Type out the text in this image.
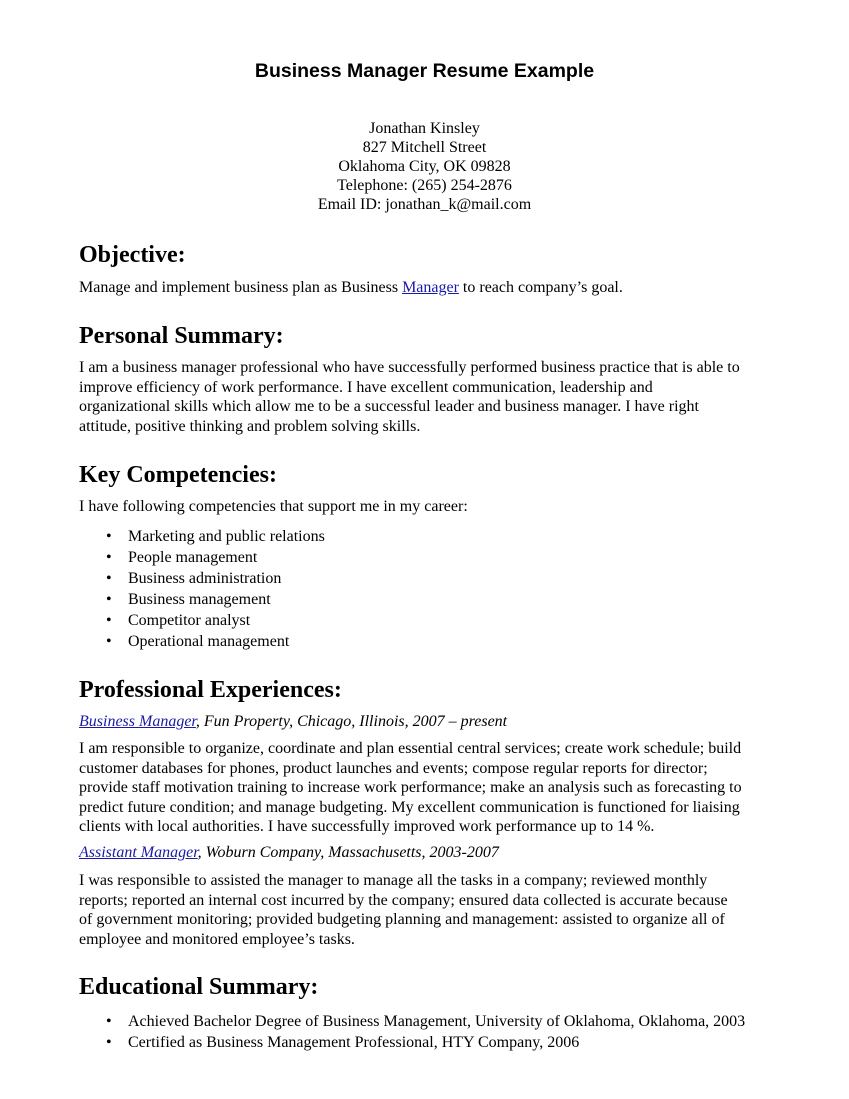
Business Manager Resume Example
Jonathan Kinsley
827 Mitchell Street
Oklahoma City, OK 09828
Telephone: (265) 254-2876
Email ID: jonathan_k@mail.com
Objective:

Manage and implement business plan as Business Manager to reach company’s goal.

Personal Summary:
I am a business manager professional who have successfully performed business practice that is able to
improve efficiency of work performance. I have excellent communication, leadership and
organizational skills which allow me to be a successful leader and business manager. I have right
attitude, positive thinking and problem solving skills.
Key Competencies:

I have following competencies that support me in my career:

• Marketing and public relations
• People management
• Business administration
• Business management
• Competitor analyst
• Operational management
Professional Experiences:

Business Manager, Fun Property, Chicago, Illinois, 2007 – present

I am responsible to organize, coordinate and plan essential central services; create work schedule; build
customer databases for phones, product launches and events; compose regular reports for director;
provide staff motivation training to increase work performance; make an analysis such as forecasting to
predict future condition; and manage budgeting. My excellent communication is functioned for liaising
clients with local authorities. I have successfully improved work performance up to 14 %.

Assistant Manager, Woburn Company, Massachusetts, 2003-2007

I was responsible to assisted the manager to manage all the tasks in a company; reviewed monthly
reports; reported an internal cost incurred by the company; ensured data collected is accurate because
of government monitoring; provided budgeting planning and management: assisted to organize all of
employee and monitored employee’s tasks.
Educational Summary:
• Achieved Bachelor Degree of Business Management, University of Oklahoma, Oklahoma, 2003
• Certified as Business Management Professional, HTY Company, 2006
